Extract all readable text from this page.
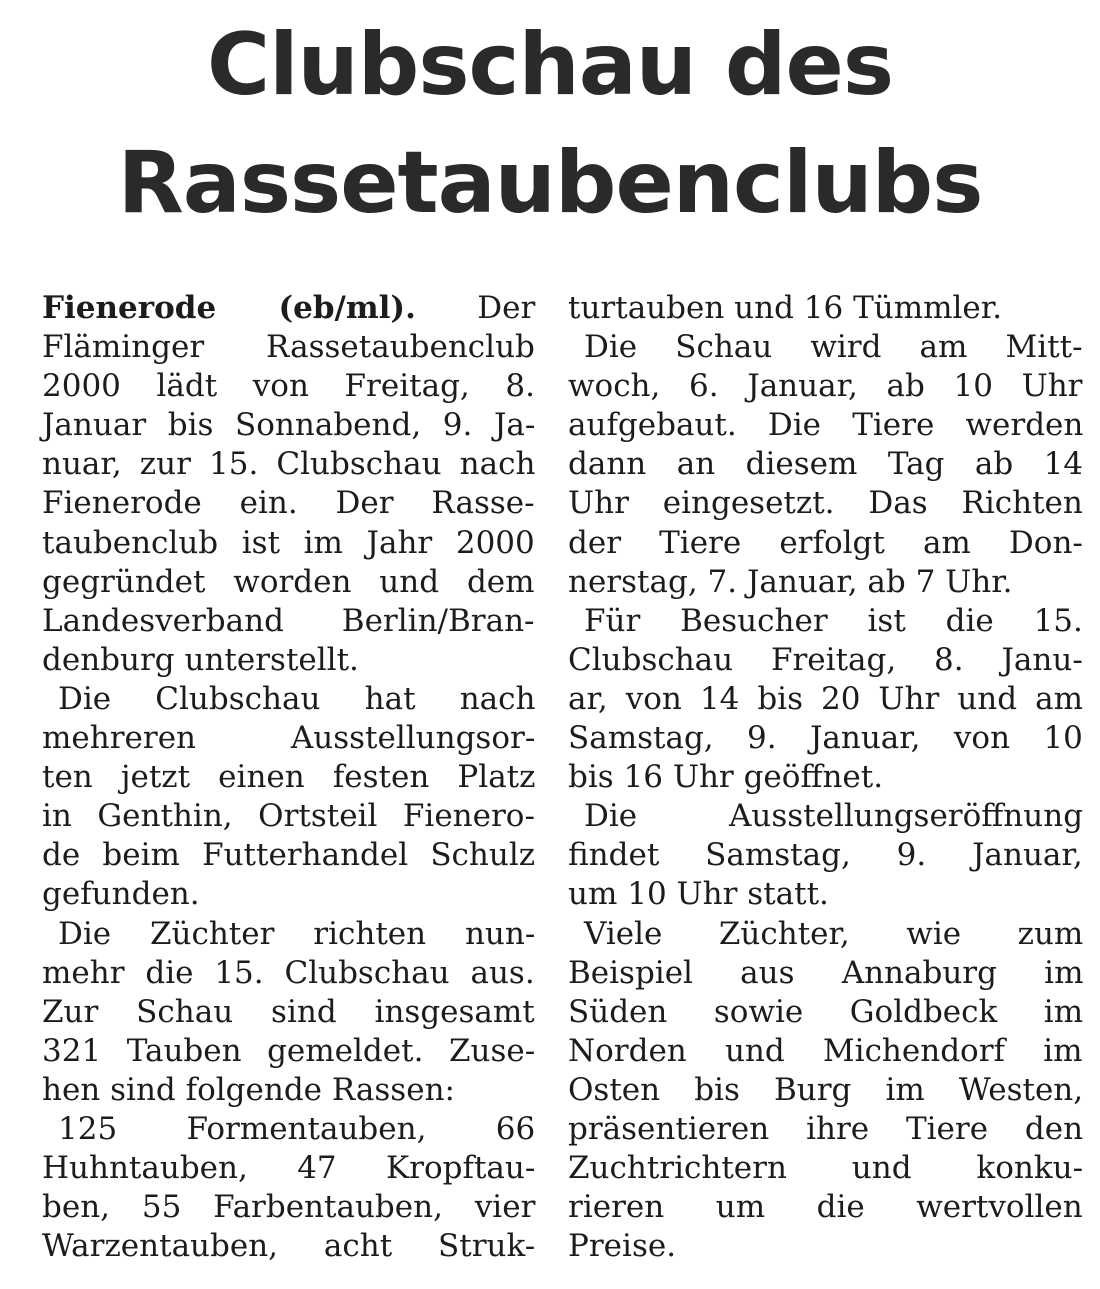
Clubschau des
Rassetaubenclubs
Fienerode (eb/ml). Der
Fläminger Rassetaubenclub
2000 lädt von Freitag, 8.
Januar bis Sonnabend, 9. Ja-
nuar, zur 15. Clubschau nach
Fienerode ein. Der Rasse-
taubenclub ist im Jahr 2000
gegründet worden und dem
Landesverband Berlin/Bran-
denburg unterstellt.
Die Clubschau hat nach
mehreren Ausstellungsor-
ten jetzt einen festen Platz
in Genthin, Ortsteil Fienero-
de beim Futterhandel Schulz
gefunden.
Die Züchter richten nun-
mehr die 15. Clubschau aus.
Zur Schau sind insgesamt
321 Tauben gemeldet. Zuse-
hen sind folgende Rassen:
125 Formentauben, 66
Huhntauben, 47 Kropftau-
ben, 55 Farbentauben, vier
Warzentauben, acht Struk-
turtauben und 16 Tümmler.
Die Schau wird am Mitt-
woch, 6. Januar, ab 10 Uhr
aufgebaut. Die Tiere werden
dann an diesem Tag ab 14
Uhr eingesetzt. Das Richten
der Tiere erfolgt am Don-
nerstag, 7. Januar, ab 7 Uhr.
Für Besucher ist die 15.
Clubschau Freitag, 8. Janu-
ar, von 14 bis 20 Uhr und am
Samstag, 9. Januar, von 10
bis 16 Uhr geöffnet.
Die Ausstellungseröffnung
findet Samstag, 9. Januar,
um 10 Uhr statt.
Viele Züchter, wie zum
Beispiel aus Annaburg im
Süden sowie Goldbeck im
Norden und Michendorf im
Osten bis Burg im Westen,
präsentieren ihre Tiere den
Zuchtrichtern und konku-
rieren um die wertvollen
Preise.
